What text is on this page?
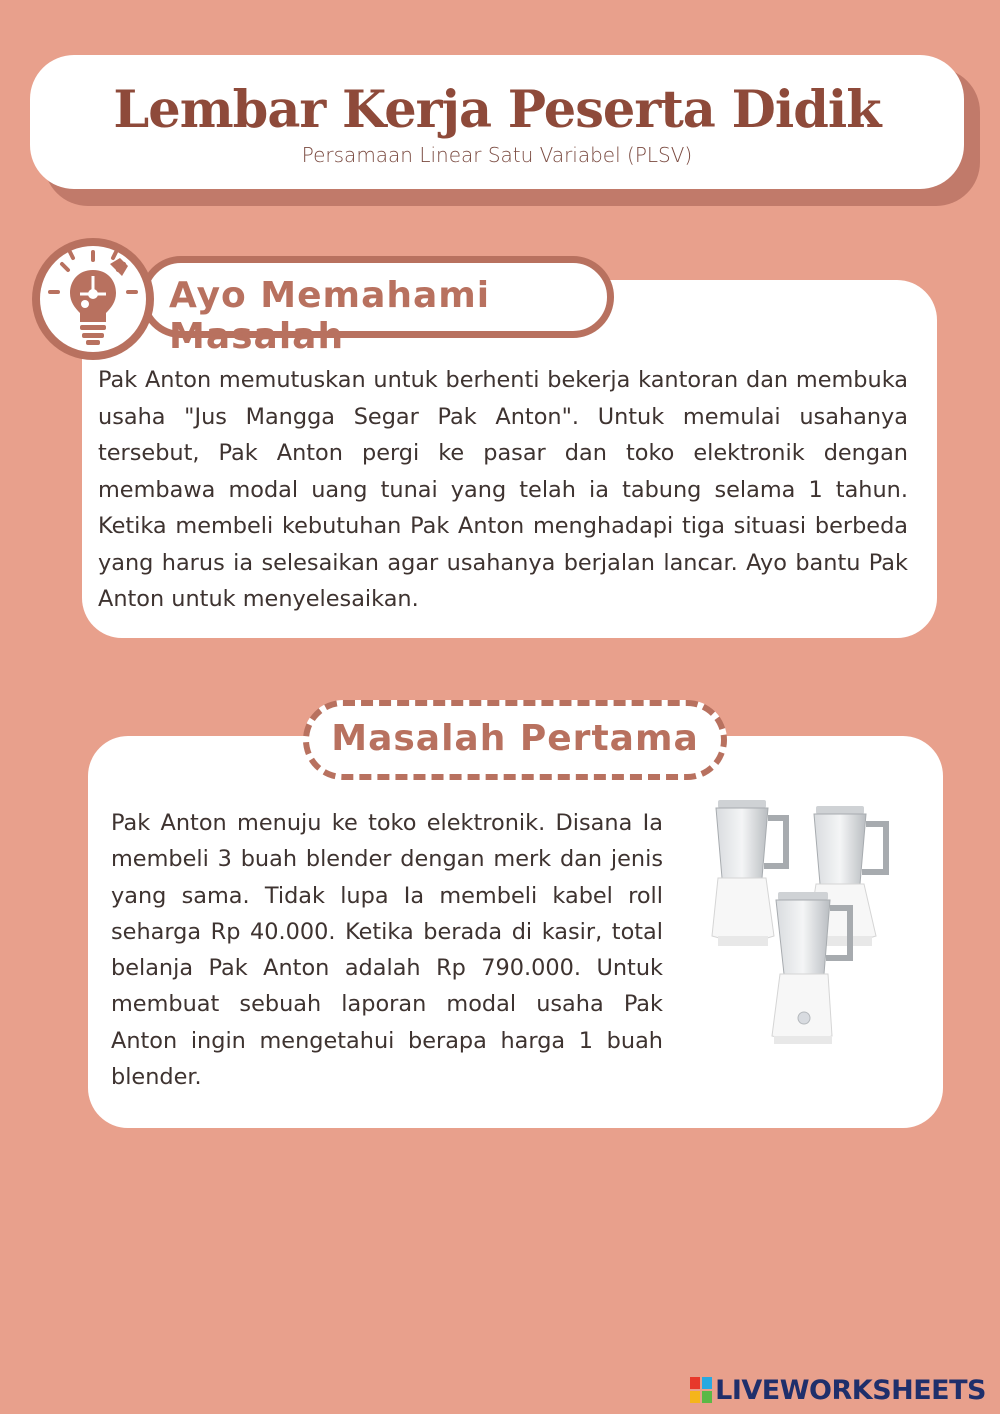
Lembar Kerja Peserta Didik
Persamaan Linear Satu Variabel (PLSV)
Ayo Memahami Masalah
Pak Anton memutuskan untuk berhenti bekerja kantoran dan membuka usaha "Jus Mangga Segar Pak Anton". Untuk memulai usahanya tersebut, Pak Anton pergi ke pasar dan toko elektronik dengan membawa modal uang tunai yang telah ia tabung selama 1 tahun. Ketika membeli kebutuhan Pak Anton menghadapi tiga situasi berbeda yang harus ia selesaikan agar usahanya berjalan lancar. Ayo bantu Pak Anton untuk menyelesaikan.
Masalah Pertama
Pak Anton menuju ke toko elektronik. Disana Ia membeli 3 buah blender dengan merk dan jenis yang sama. Tidak lupa Ia membeli kabel roll seharga Rp 40.000. Ketika berada di kasir, total belanja Pak Anton adalah Rp 790.000. Untuk membuat sebuah laporan modal usaha Pak Anton ingin mengetahui berapa harga 1 buah blender.
LIVEWORKSHEETS
